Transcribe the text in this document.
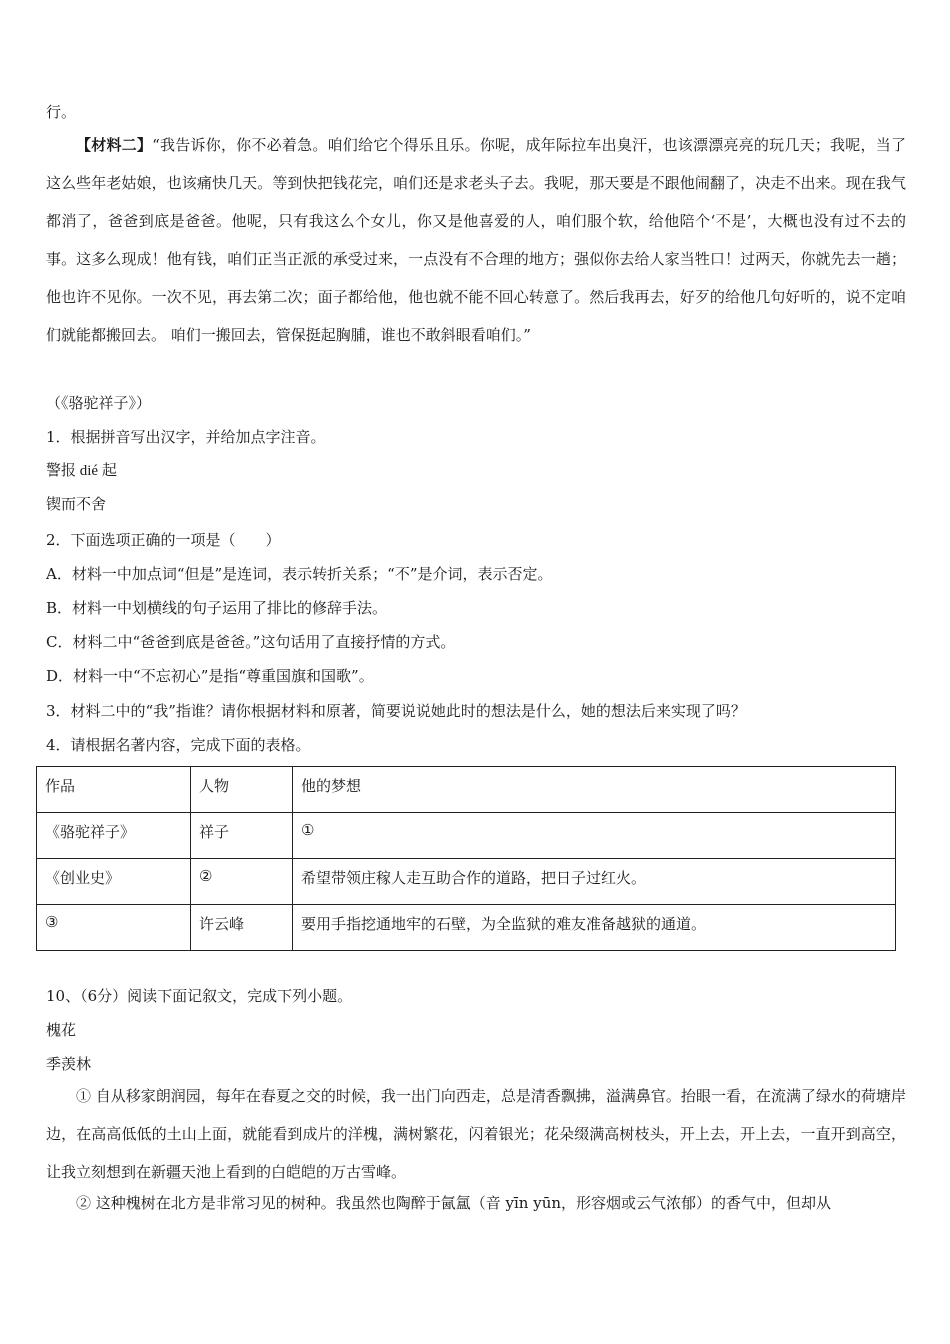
行。

【材料二】“我告诉你，你不必着急。咱们给它个得乐且乐。你呢，成年际拉车出臭汗，也该漂漂亮亮的玩几天；我呢，当了这么些年老姑娘，也该痛快几天。等到快把钱花完，咱们还是求老头子去。我呢，那天要是不跟他闹翻了，决走不出来。现在我气都消了，爸爸到底是爸爸。他呢，只有我这么个女儿，你又是他喜爱的人，咱们服个软，给他陪个‘不是’，大概也没有过不去的事。这多么现成！他有钱，咱们正当正派的承受过来，一点没有不合理的地方；强似你去给人家当牲口！过两天，你就先去一趟；他也许不见你。一次不见，再去第二次；面子都给他，他也就不能不回心转意了。然后我再去，好歹的给他几句好听的，说不定咱们就能都搬回去。 咱们一搬回去，管保挺起胸脯，谁也不敢斜眼看咱们。”

（《骆驼祥子》）
1．根据拼音写出汉字，并给加点字注音。
警报 dié 起
锲而不舍
2．下面选项正确的一项是（　　）
A．材料一中加点词“但是”是连词，表示转折关系；“不”是介词，表示否定。
B．材料一中划横线的句子运用了排比的修辞手法。
C．材料二中“爸爸到底是爸爸。”这句话用了直接抒情的方式。
D．材料一中“不忘初心”是指“尊重国旗和国歌”。
3．材料二中的“我”指谁？请你根据材料和原著，简要说说她此时的想法是什么，她的想法后来实现了吗？
4．请根据名著内容，完成下面的表格。
作品	人物	他的梦想
《骆驼祥子》	祥子	①
《创业史》	②	希望带领庄稼人走互助合作的道路，把日子过红火。
③	许云峰	要用手指挖通地牢的石壁，为全监狱的难友准备越狱的通道。
10、（6分）阅读下面记叙文，完成下列小题。
槐花
季羡林

① 自从移家朗润园，每年在春夏之交的时候，我一出门向西走，总是清香飘拂，溢满鼻官。抬眼一看，在流满了绿水的荷塘岸边，在高高低低的土山上面，就能看到成片的洋槐，满树繁花，闪着银光；花朵缀满高树枝头，开上去，开上去，一直开到高空，让我立刻想到在新疆天池上看到的白皑皑的万古雪峰。

② 这种槐树在北方是非常习见的树种。我虽然也陶醉于氤氲（音 yīn yūn，形容烟或云气浓郁）的香气中，但却从
